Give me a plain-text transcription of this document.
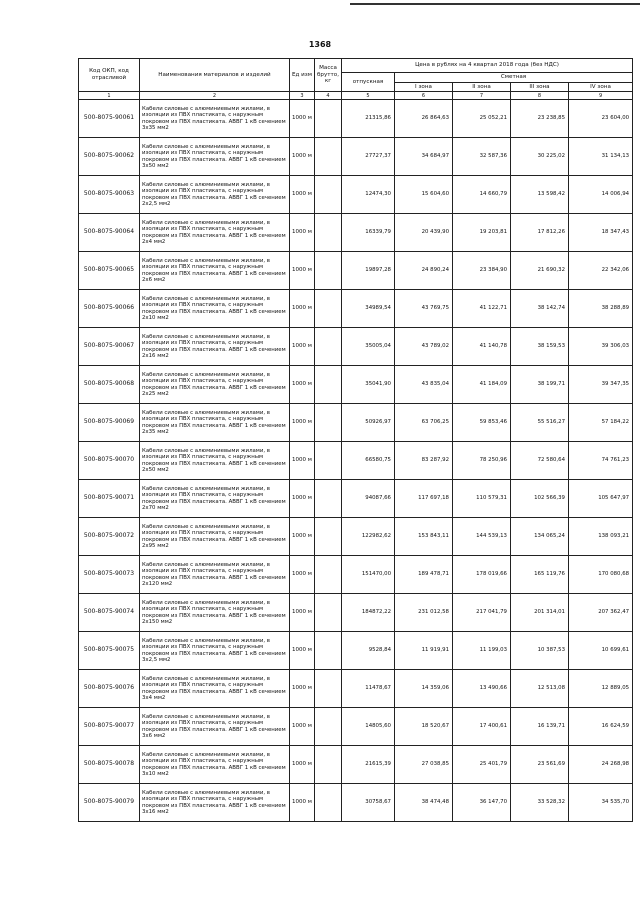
1368
Код ОКП, код отрасливой	Наименования материалов и изделий	Ед изм	Масса брутто, кг	Цена в рублях на 4 квартал 2018 года (без НДС)				
				отпускная	Сметная			
					I зона	II зона	III зона	IV зона
1	2	3	4	5	6	7	8	9
500-8075-90061	Кабели силовые с алюминиевыми жилами, в изоляции из ПВХ пластиката, с наружным покровом из ПВХ пластиката. АВВГ 1 кВ сечением 3х35 мм2	1000 м		21315,86	26 864,63	25 052,21	23 238,85	23 604,00
500-8075-90062	Кабели силовые с алюминиевыми жилами, в изоляции из ПВХ пластиката, с наружным покровом из ПВХ пластиката. АВВГ 1 кВ сечением 3х50 мм2	1000 м		27727,37	34 684,97	32 587,36	30 225,02	31 134,13
500-8075-90063	Кабели силовые с алюминиевыми жилами, в изоляции из ПВХ пластиката, с наружным покровом из ПВХ пластиката. АВВГ 1 кВ сечением 2х2,5 мм2	1000 м		12474,30	15 604,60	14 660,79	13 598,42	14 006,94
500-8075-90064	Кабели силовые с алюминиевыми жилами, в изоляции из ПВХ пластиката, с наружным покровом из ПВХ пластиката. АВВГ 1 кВ сечением 2х4 мм2	1000 м		16339,79	20 439,90	19 203,81	17 812,26	18 347,43
500-8075-90065	Кабели силовые с алюминиевыми жилами, в изоляции из ПВХ пластиката, с наружным покровом из ПВХ пластиката. АВВГ 1 кВ сечением 2х6 мм2	1000 м		19897,28	24 890,24	23 384,90	21 690,32	22 342,06
500-8075-90066	Кабели силовые с алюминиевыми жилами, в изоляции из ПВХ пластиката, с наружным покровом из ПВХ пластиката. АВВГ 1 кВ сечением 2х10 мм2	1000 м		34989,54	43 769,75	41 122,71	38 142,74	38 288,89
500-8075-90067	Кабели силовые с алюминиевыми жилами, в изоляции из ПВХ пластиката, с наружным покровом из ПВХ пластиката. АВВГ 1 кВ сечением 2х16 мм2	1000 м		35005,04	43 789,02	41 140,78	38 159,53	39 306,03
500-8075-90068	Кабели силовые с алюминиевыми жилами, в изоляции из ПВХ пластиката, с наружным покровом из ПВХ пластиката. АВВГ 1 кВ сечением 2х25 мм2	1000 м		35041,90	43 835,04	41 184,09	38 199,71	39 347,35
500-8075-90069	Кабели силовые с алюминиевыми жилами, в изоляции из ПВХ пластиката, с наружным покровом из ПВХ пластиката. АВВГ 1 кВ сечением 2х35 мм2	1000 м		50926,97	63 706,25	59 853,46	55 516,27	57 184,22
500-8075-90070	Кабели силовые с алюминиевыми жилами, в изоляции из ПВХ пластиката, с наружным покровом из ПВХ пластиката. АВВГ 1 кВ сечением 2х50 мм2	1000 м		66580,75	83 287,92	78 250,96	72 580,64	74 761,23
500-8075-90071	Кабели силовые с алюминиевыми жилами, в изоляции из ПВХ пластиката, с наружным покровом из ПВХ пластиката. АВВГ 1 кВ сечением 2х70 мм2	1000 м		94087,66	117 697,18	110 579,31	102 566,39	105 647,97
500-8075-90072	Кабели силовые с алюминиевыми жилами, в изоляции из ПВХ пластиката, с наружным покровом из ПВХ пластиката. АВВГ 1 кВ сечением 2х95 мм2	1000 м		122982,62	153 843,11	144 539,13	134 065,24	138 093,21
500-8075-90073	Кабели силовые с алюминиевыми жилами, в изоляции из ПВХ пластиката, с наружным покровом из ПВХ пластиката. АВВГ 1 кВ сечением 2х120 мм2	1000 м		151470,00	189 478,71	178 019,66	165 119,76	170 080,68
500-8075-90074	Кабели силовые с алюминиевыми жилами, в изоляции из ПВХ пластиката, с наружным покровом из ПВХ пластиката. АВВГ 1 кВ сечением 2х150 мм2	1000 м		184872,22	231 012,58	217 041,79	201 314,01	207 362,47
500-8075-90075	Кабели силовые с алюминиевыми жилами, в изоляции из ПВХ пластиката, с наружным покровом из ПВХ пластиката. АВВГ 1 кВ сечением 3х2,5 мм2	1000 м		9528,84	11 919,91	11 199,03	10 387,53	10 699,61
500-8075-90076	Кабели силовые с алюминиевыми жилами, в изоляции из ПВХ пластиката, с наружным покровом из ПВХ пластиката. АВВГ 1 кВ сечением 3х4 мм2	1000 м		11478,67	14 359,06	13 490,66	12 513,08	12 889,05
500-8075-90077	Кабели силовые с алюминиевыми жилами, в изоляции из ПВХ пластиката, с наружным покровом из ПВХ пластиката. АВВГ 1 кВ сечением 3х6 мм2	1000 м		14805,60	18 520,67	17 400,61	16 139,71	16 624,59
500-8075-90078	Кабели силовые с алюминиевыми жилами, в изоляции из ПВХ пластиката, с наружным покровом из ПВХ пластиката. АВВГ 1 кВ сечением 3х10 мм2	1000 м		21615,39	27 038,85	25 401,79	23 561,69	24 268,98
500-8075-90079	Кабели силовые с алюминиевыми жилами, в изоляции из ПВХ пластиката, с наружным покровом из ПВХ пластиката. АВВГ 1 кВ сечением 3х16 мм2	1000 м		30758,67	38 474,48	36 147,70	33 528,32	34 535,70
